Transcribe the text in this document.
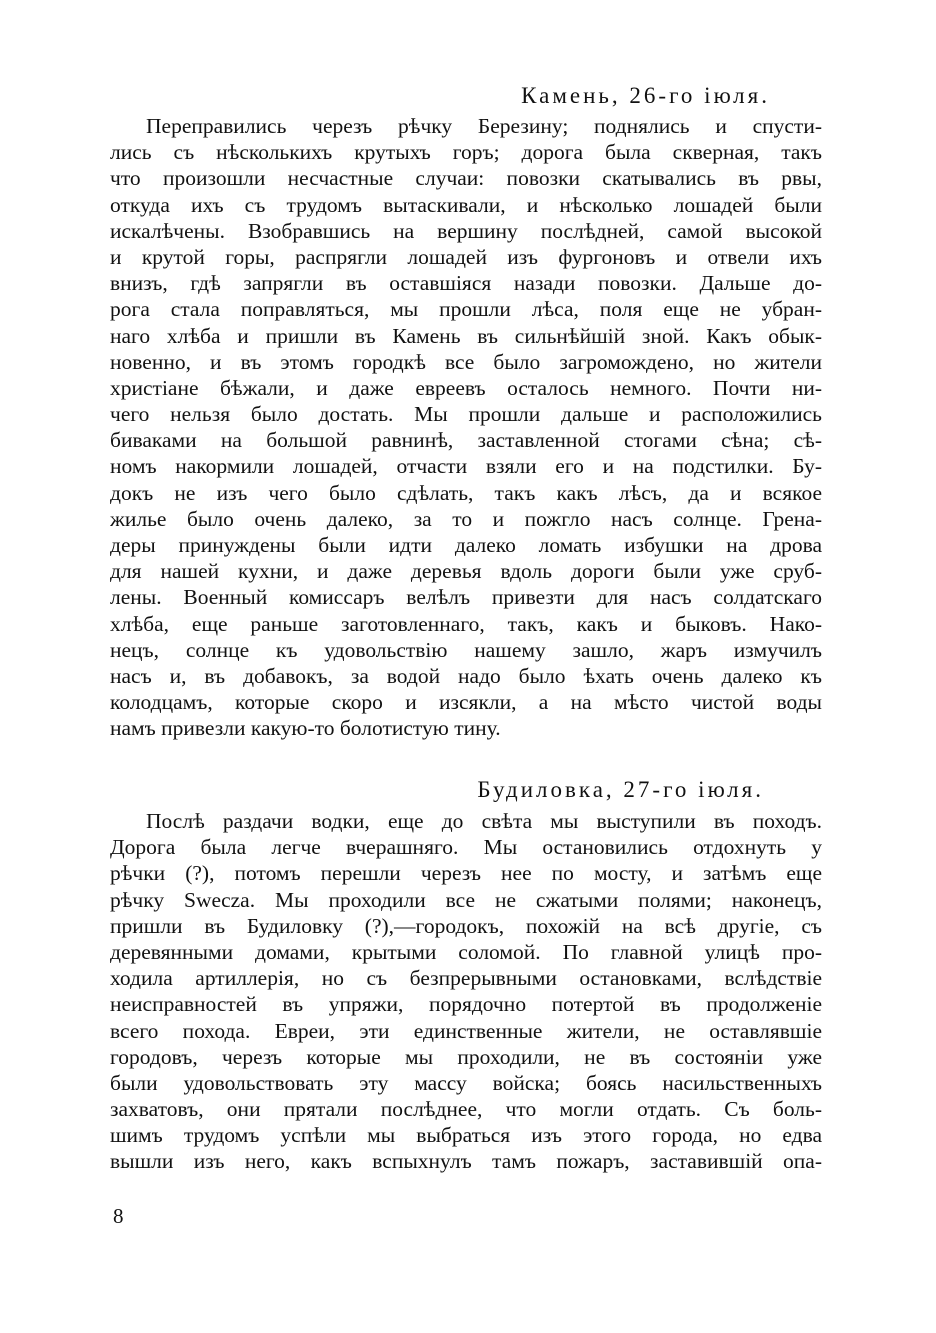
Камень, 26-го іюля.
Переправились черезъ рѣчку Березину; поднялись и спусти-
лись съ нѣсколькихъ крутыхъ горъ; дорога была скверная, такъ
что произошли несчастные случаи: повозки скатывались въ рвы,
откуда ихъ съ трудомъ вытаскивали, и нѣсколько лошадей были
искалѣчены. Взобравшись на вершину послѣдней, самой высокой
и крутой горы, распрягли лошадей изъ фургоновъ и отвели ихъ
внизъ, гдѣ запрягли въ оставшіяся назади повозки. Дальше до-
рога стала поправляться, мы прошли лѣса, поля еще не убран-
наго хлѣба и пришли въ Камень въ сильнѣйшій зной. Какъ обык-
новенно, и въ этомъ городкѣ все было загромождено, но жители
христіане бѣжали, и даже евреевъ осталось немного. Почти ни-
чего нельзя было достать. Мы прошли дальше и расположились
биваками на большой равнинѣ, заставленной стогами сѣна; сѣ-
номъ накормили лошадей, отчасти взяли его и на подстилки. Бу-
докъ не изъ чего было сдѣлать, такъ какъ лѣсъ, да и всякое
жилье было очень далеко, за то и пожгло насъ солнце. Грена-
деры принуждены были идти далеко ломать избушки на дрова
для нашей кухни, и даже деревья вдоль дороги были уже сруб-
лены. Военный комиссаръ велѣлъ привезти для насъ солдатскаго
хлѣба, еще раньше заготовленнаго, такъ, какъ и быковъ. Нако-
нецъ, солнце къ удовольствію нашему зашло, жаръ измучилъ
насъ и, въ добавокъ, за водой надо было ѣхать очень далеко къ
колодцамъ, которые скоро и изсякли, а на мѣсто чистой воды
намъ привезли какую-то болотистую тину.
Будиловка, 27-го іюля.
Послѣ раздачи водки, еще до свѣта мы выступили въ походъ.
Дорога была легче вчерашняго. Мы остановились отдохнуть у
рѣчки (?), потомъ перешли черезъ нее по мосту, и затѣмъ еще
рѣчку Swecza. Мы проходили все не сжатыми полями; наконецъ,
пришли въ Будиловку (?),—городокъ, похожій на всѣ другіе, съ
деревянными домами, крытыми соломой. По главной улицѣ про-
ходила артиллерія, но съ безпрерывными остановками, вслѣдствіе
неисправностей въ упряжи, порядочно потертой въ продолженіе
всего похода. Евреи, эти единственные жители, не оставлявшіе
городовъ, черезъ которые мы проходили, не въ состояніи уже
были удовольствовать эту массу войска; боясь насильственныхъ
захватовъ, они прятали послѣднее, что могли отдать. Съ боль-
шимъ трудомъ успѣли мы выбраться изъ этого города, но едва
вышли изъ него, какъ вспыхнулъ тамъ пожаръ, заставившій опа-
8
